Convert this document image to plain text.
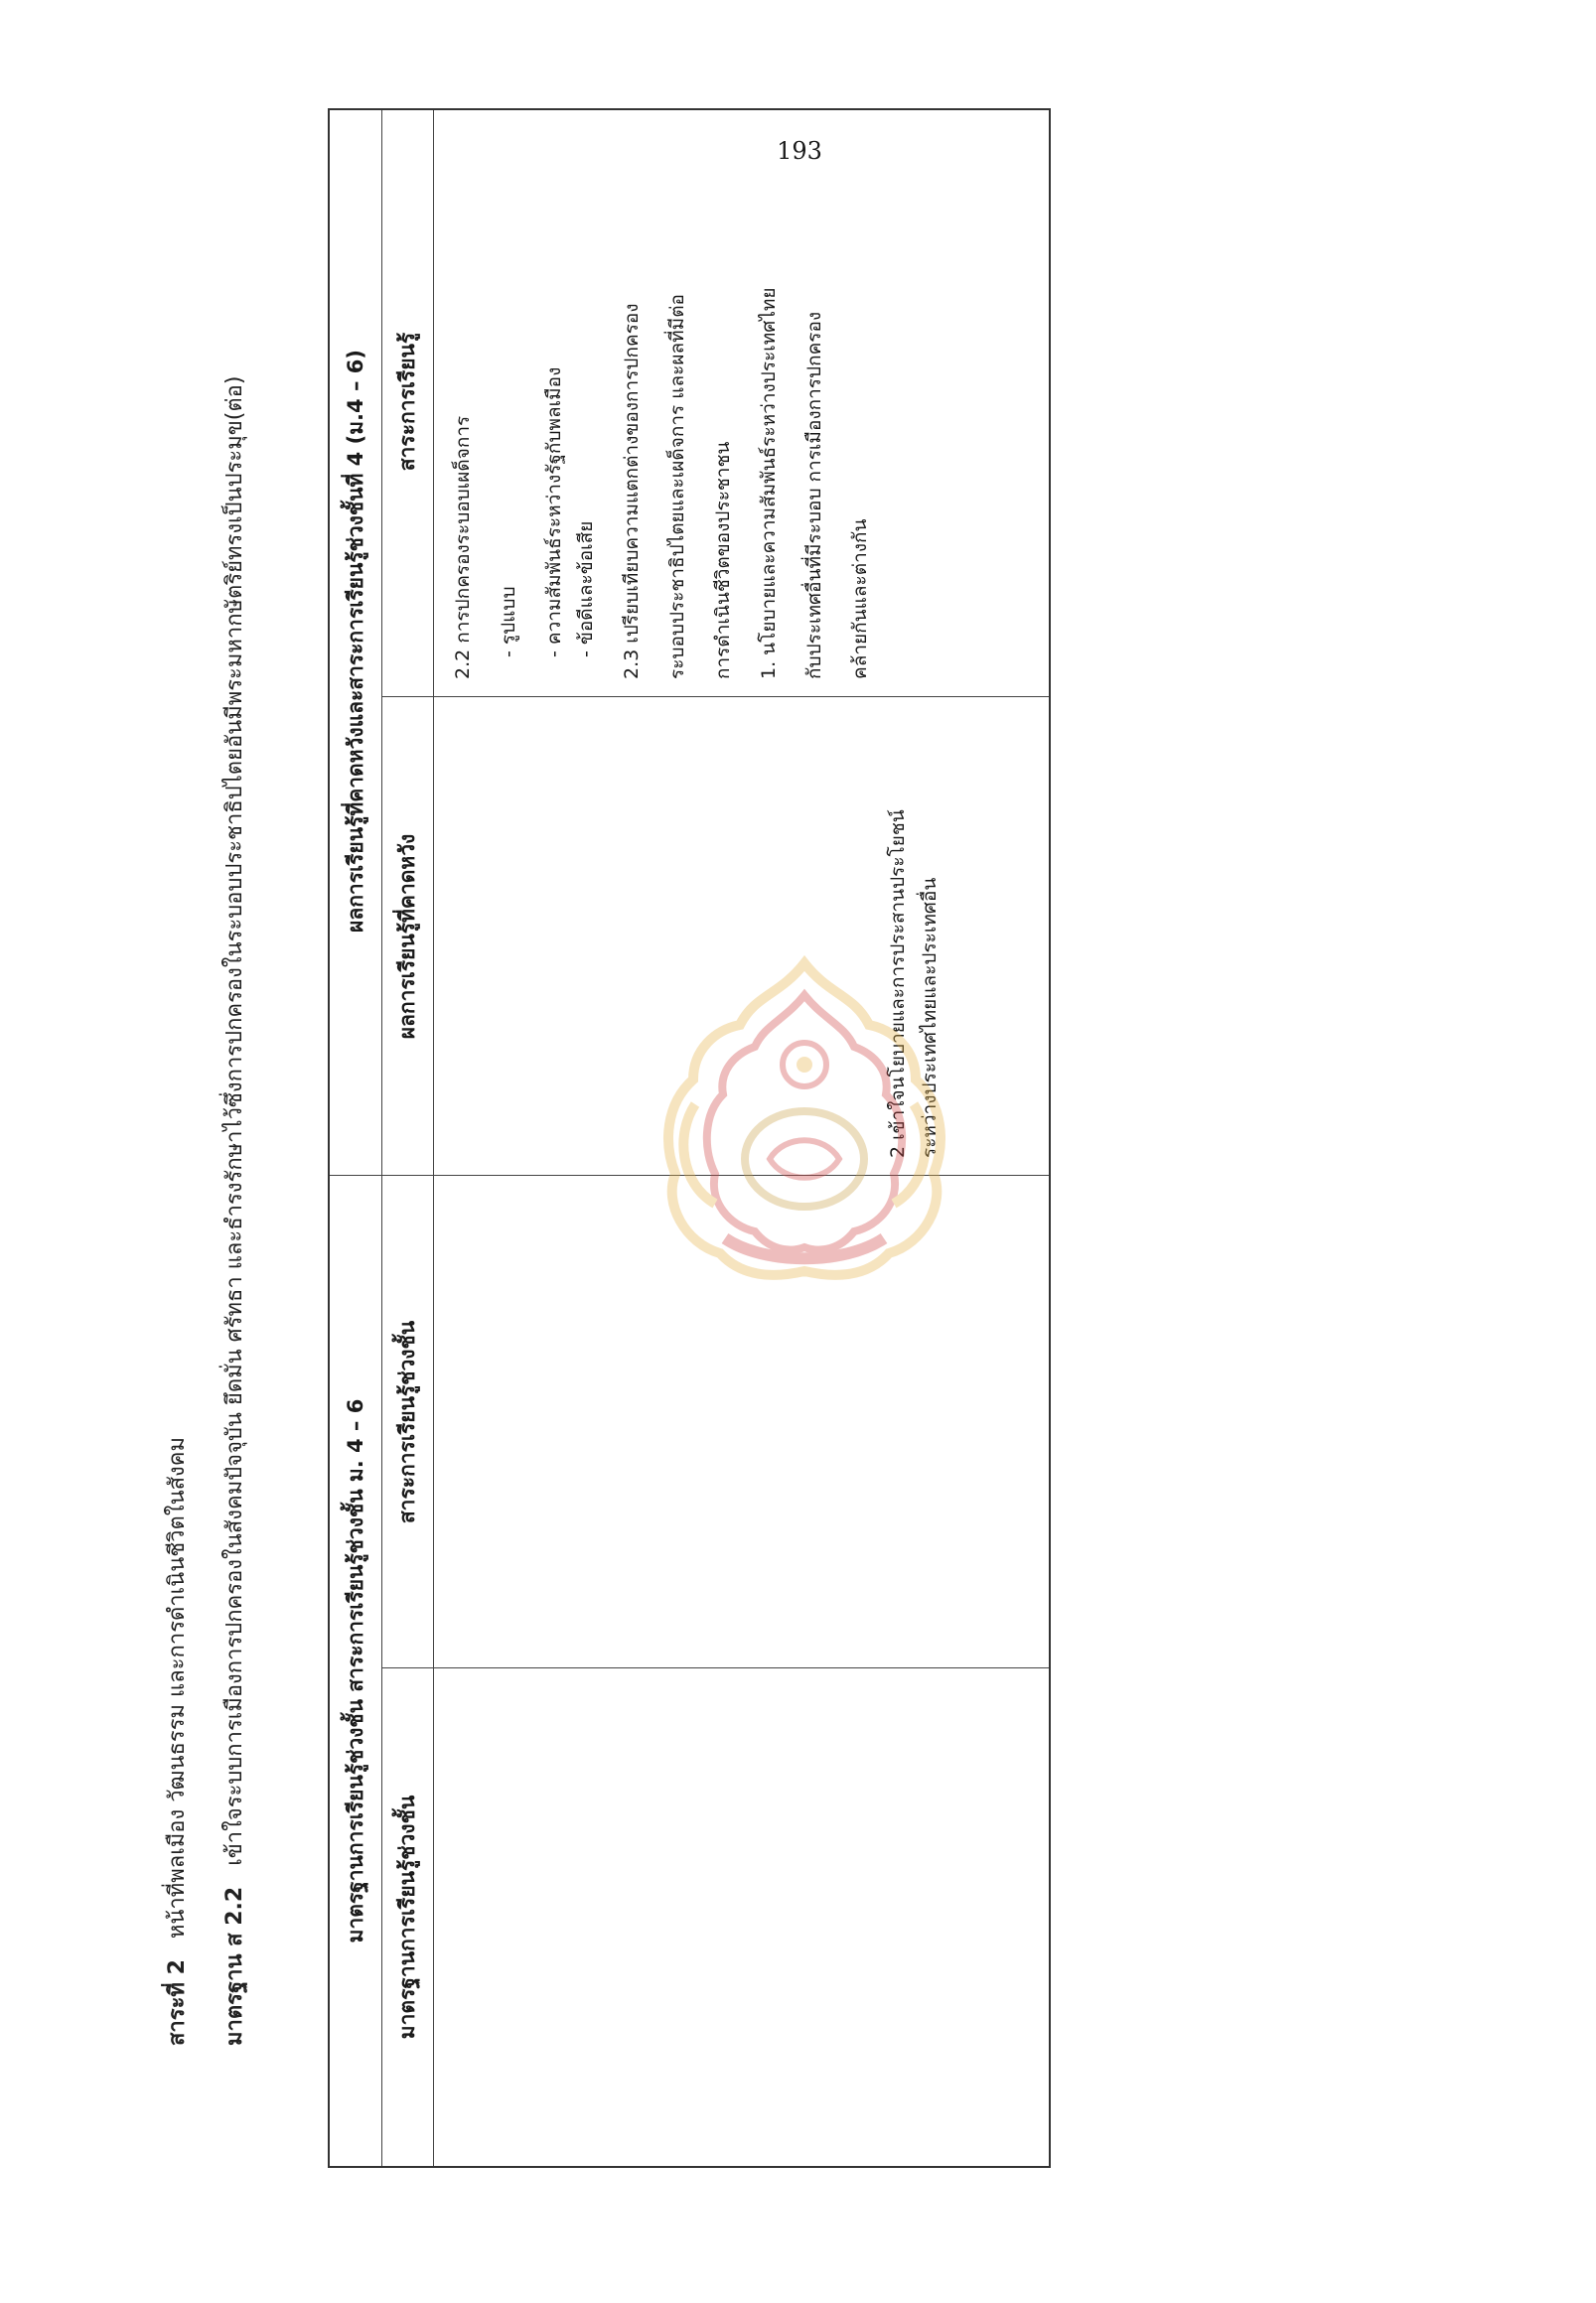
193
สาระที่ 2   หน้าที่พลเมือง วัฒนธรรม และการดำเนินชีวิตในสังคม
มาตรฐาน ส 2.2   เข้าใจระบบการเมืองการปกครองในสังคมปัจจุบัน ยึดมั่น ศรัทธา และธำรงรักษาไว้ซึ่งการปกครองในระบอบประชาธิปไตยอันมีพระมหากษัตริย์ทรงเป็นประมุข(ต่อ)	มาตรฐานการเรียนรู้ช่วงชั้น สาระการเรียนรู้ช่วงชั้น ม. 4 – 6
ผลการเรียนรู้ที่คาดหวังและสาระการเรียนรู้ช่วงชั้นที่ 4 (ม.4 – 6)
มาตรฐานการเรียนรู้ช่วงชั้น
สาระการเรียนรู้ช่วงชั้น
ผลการเรียนรู้ที่คาดหวัง
สาระการเรียนรู้
2 เข้าใจนโยบายและการประสานประโยชน์ ระหว่างประเทศไทยและประเทศอื่น
2.2 การปกครองระบอบเผด็จการ - รูปแบบ - ความสัมพันธ์ระหว่างรัฐกับพลเมือง - ข้อดีและข้อเสีย 2.3 เปรียบเทียบความแตกต่างของการปกครอง ระบอบประชาธิปไตยและเผด็จการ และผลที่มีต่อ การดำเนินชีวิตของประชาชน 1. นโยบายและความสัมพันธ์ระหว่างประเทศไทย กับประเทศอื่นที่มีระบอบ การเมืองการปกครอง คล้ายกันและต่างกัน
